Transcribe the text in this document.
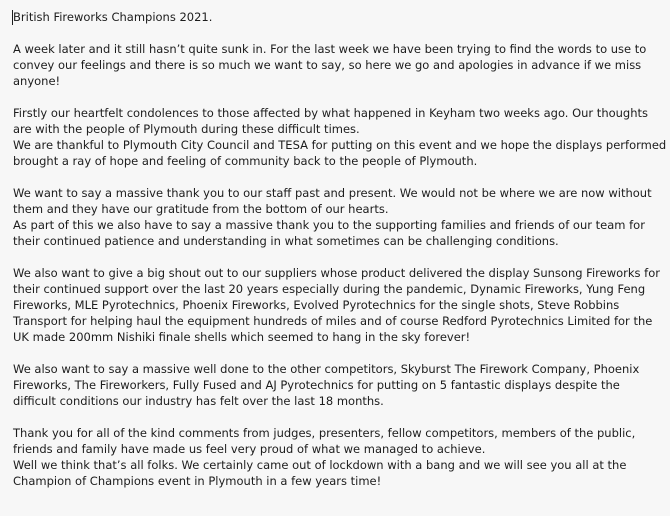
British Fireworks Champions 2021.
A week later and it still hasn’t quite sunk in. For the last week we have been trying to find the words to use to
convey our feelings and there is so much we want to say, so here we go and apologies in advance if we miss
anyone!
Firstly our heartfelt condolences to those affected by what happened in Keyham two weeks ago. Our thoughts
are with the people of Plymouth during these difficult times.
We are thankful to Plymouth City Council and TESA for putting on this event and we hope the displays performed
brought a ray of hope and feeling of community back to the people of Plymouth.
We want to say a massive thank you to our staff past and present. We would not be where we are now without
them and they have our gratitude from the bottom of our hearts.
As part of this we also have to say a massive thank you to the supporting families and friends of our team for
their continued patience and understanding in what sometimes can be challenging conditions.
We also want to give a big shout out to our suppliers whose product delivered the display Sunsong Fireworks for
their continued support over the last 20 years especially during the pandemic, Dynamic Fireworks, Yung Feng
Fireworks, MLE Pyrotechnics, Phoenix Fireworks, Evolved Pyrotechnics for the single shots, Steve Robbins
Transport for helping haul the equipment hundreds of miles and of course Redford Pyrotechnics Limited for the
UK made 200mm Nishiki finale shells which seemed to hang in the sky forever!
We also want to say a massive well done to the other competitors, Skyburst The Firework Company, Phoenix
Fireworks, The Fireworkers, Fully Fused and AJ Pyrotechnics for putting on 5 fantastic displays despite the
difficult conditions our industry has felt over the last 18 months.
Thank you for all of the kind comments from judges, presenters, fellow competitors, members of the public,
friends and family have made us feel very proud of what we managed to achieve.
Well we think that’s all folks. We certainly came out of lockdown with a bang and we will see you all at the
Champion of Champions event in Plymouth in a few years time!
